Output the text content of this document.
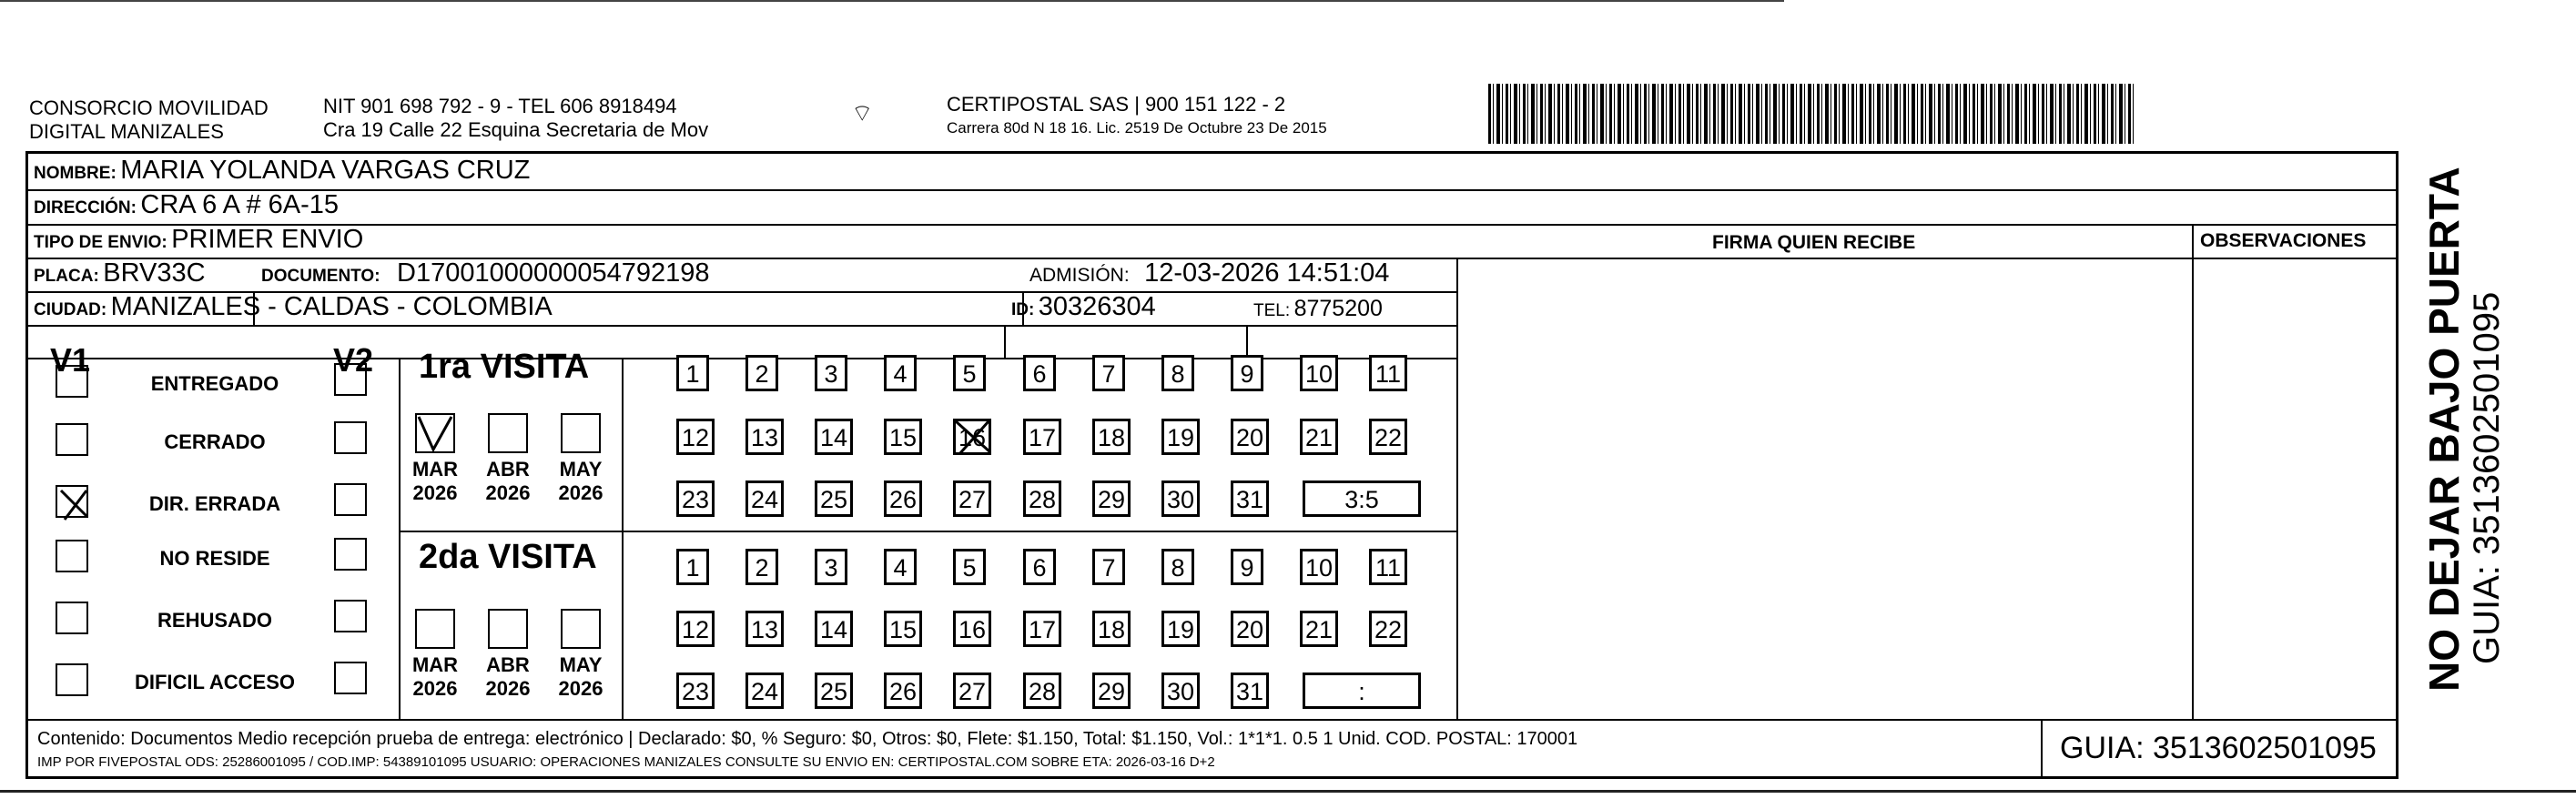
CONSORCIO MOVILIDAD
DIGITAL MANIZALES
NIT 901 698 792 - 9 - TEL 606 8918494
Cra 19 Calle 22 Esquina Secretaria de Mov
⌔	CERTIPOSTAL SAS | 900 151 122 - 2
Carrera 80d N 18 16. Lic. 2519 De Octubre 23 De 2015
NOMBRE: MARIA YOLANDA VARGAS CRUZ
DIRECCIÓN: CRA 6 A # 6A-15
TIPO DE ENVIO: PRIMER ENVIO	FIRMA QUIEN RECIBE	OBSERVACIONES
PLACA: BRV33C	DOCUMENTO: D17001000000054792198	ADMISIÓN: 12-03-2026 14:51:04
CIUDAD: MANIZALES - CALDAS - COLOMBIA	ID: 30326304	TEL: 8775200
V1	V2 1ra VISITA
2da VISITA
Contenido: Documentos Medio recepción prueba de entrega: electrónico | Declarado: $0, % Seguro: $0, Otros: $0, Flete: $1.150, Total: $1.150, Vol.: 1*1*1. 0.5 1 Unid. COD. POSTAL: 170001
IMP POR FIVEPOSTAL ODS: 25286001095 / COD.IMP: 54389101095 USUARIO: OPERACIONES MANIZALES CONSULTE SU ENVIO EN: CERTIPOSTAL.COM SOBRE ETA: 2026-03-16 D+2	GUIA: 3513602501095
ENTREGADO
CERRADO
DIR. ERRADA
NO RESIDE
REHUSADO
DIFICIL ACCESO
MAR
2026
ABR
2026
MAY
2026
MAR
2026
ABR
2026
MAY
2026
1	2	3	4	5	6	7	8	9	10 11
12 13 14 15 16 17 18 19 20 21 22
23 24 25 26 27 28 29 30 31	3:5
1	2	3	4	5	6	7	8	9	10 11
12 13 14 15 16 17 18 19 20 21 22
23 24 25 26 27 28 29 30 31	:	NO DEJAR BAJO PUERTA GUIA: 3513602501095
